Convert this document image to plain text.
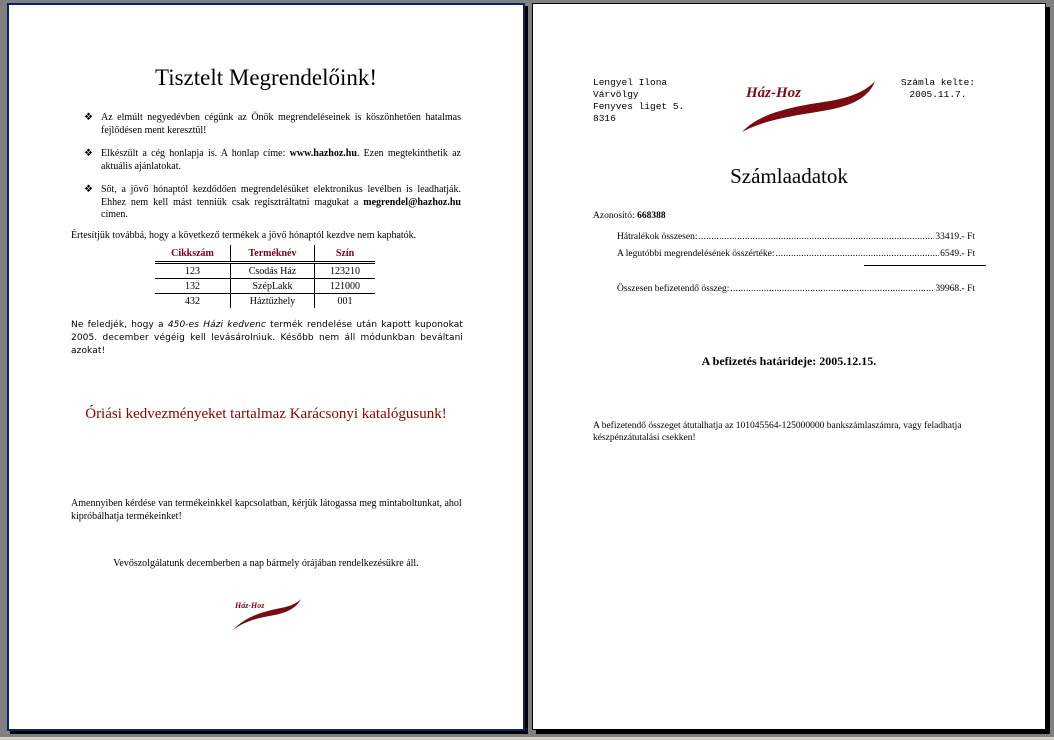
Tisztelt Megrendelőink!
❖ Az elmúlt negyedévben cégünk az Önök megrendeléseinek is köszönhetően hatalmas fejlődésen ment keresztül!
❖ Elkészült a cég honlapja is. A honlap címe: www.hazhoz.hu. Ezen megtekinthetik az aktuális ajánlatokat.
❖ Sőt, a jövő hónaptól kezdődően megrendelésüket elektronikus levélben is leadhatják. Ehhez nem kell mást tenniük csak regisztráltatni magukat a megrendel@hazhoz.hu címen.
Értesítjük továbbá, hogy a következő termékek a jövő hónaptól kezdve nem kaphatók.
Cikkszám	Terméknév	Szín
123	Csodás Ház	123210
132	SzépLakk	121000
432	Háztűzhely	001
Ne feledjék, hogy a 450-es Házi kedvenc termék rendelése után kapott kuponokat 2005. december végéig kell levásárolniuk. Később nem áll módunkban beváltani azokat!
Óriási kedvezményeket tartalmaz Karácsonyi katalógusunk!
Amennyiben kérdése van termékeinkkel kapcsolatban, kérjük látogassa meg mintaboltunkat, ahol kipróbálhatja termékeinket!
Vevőszolgálatunk decemberben a nap bármely órájában rendelkezésükre áll.
Ház-Hoz
Lengyel Ilona
Várvölgy
Fenyves liget 5.
8316
Ház-Hoz
Számla kelte:
2005.11.7.
Számlaadatok
Azonosító: 668388
Hátralékok összesen: .....	33419.- Ft
A legutóbbi megrendelésének összértéke: .....	6549.- Ft
Összesen befizetendő összeg: .....	39968.- Ft
A befizetés határideje: 2005.12.15.
A befizetendő összeget átutalhatja az 101045564-125000000 bankszámlaszámra, vagy feladhatja készpénzátutalási csekken!
